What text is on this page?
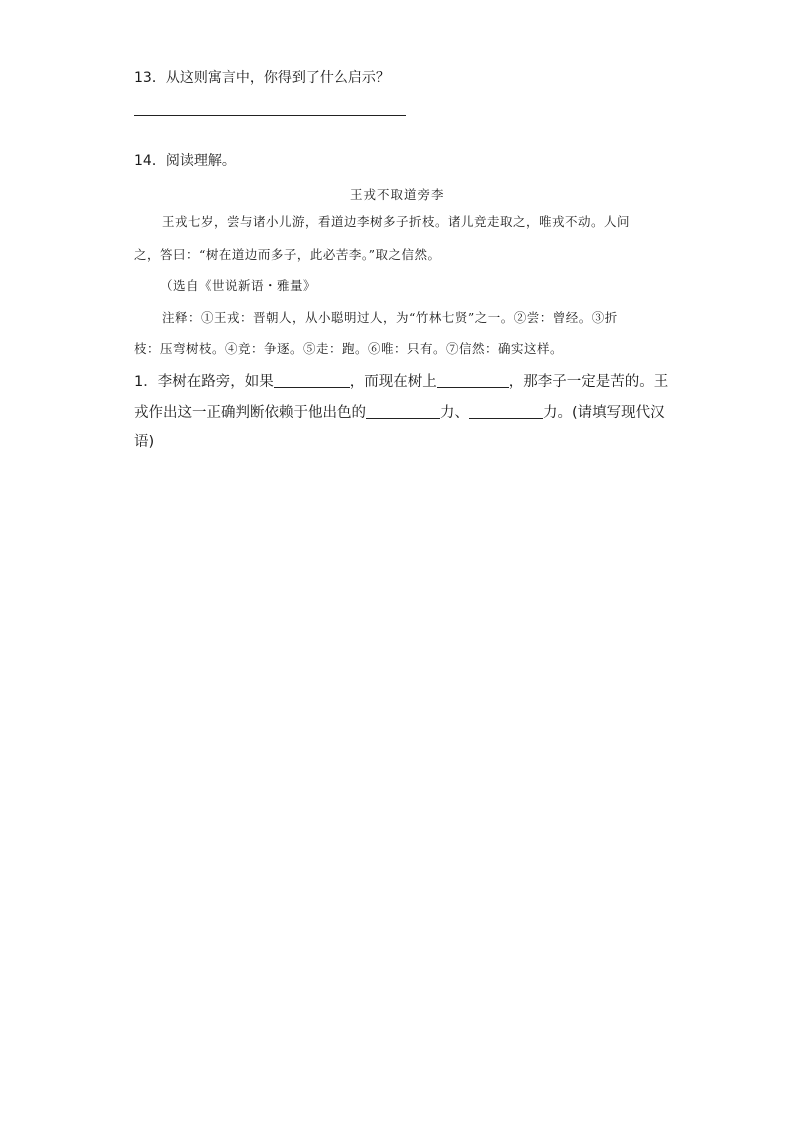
13．从这则寓言中，你得到了什么启示？
14．阅读理解。
王戎不取道旁李
王戎七岁，尝与诸小儿游，看道边李树多子折枝。诸儿竞走取之，唯戎不动。人问
之，答曰：“树在道边而多子，此必苦李。”取之信然。
（选自《世说新语・雅量》
注释：①王戎：晋朝人，从小聪明过人，为“竹林七贤”之一。②尝：曾经。③折
枝：压弯树枝。④竞：争逐。⑤走：跑。⑥唯：只有。⑦信然：确实这样。
1．李树在路旁，如果	，而现在树上	，那李子一定是苦的。王
戎作出这一正确判断依赖于他出色的	力、	力。(请填写现代汉
语)
